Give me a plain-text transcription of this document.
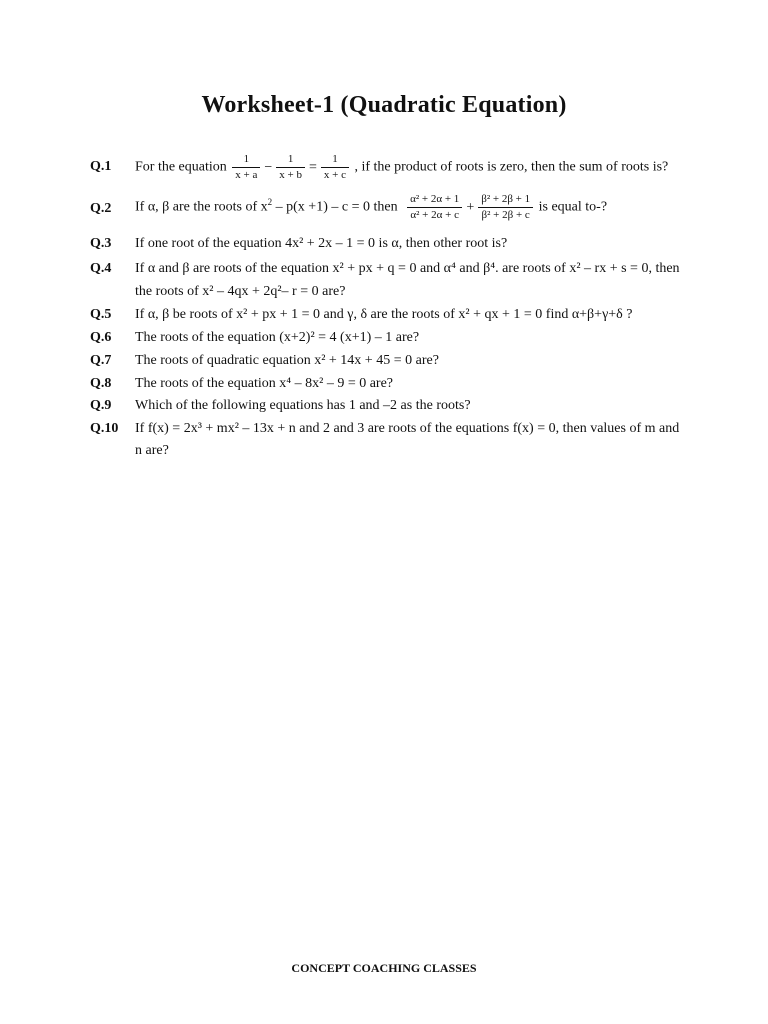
Worksheet-1 (Quadratic Equation)
Q.1 For the equation $\frac{1}{x + a} - \frac{1}{x + b} = \frac{1}{x + c}$ , if the product of roots is zero, then the sum of roots is?
Q.2 If α, β are the roots of $x^2 - p(x +1) - c = 0$ then $\frac{\text{α² + 2α + 1}}{\text{α² + 2α + c}} + \frac{\text{β² + 2β + 1}}{\text{β² + 2β + c}}$ is equal to-?
Q.3 If one root of the equation 4x² + 2x – 1 = 0 is α, then other root is?
Q.4 If α and β are roots of the equation x² + px + q = 0 and α⁴ and β⁴. are roots of x² – rx + s = 0, then
the roots of x² – 4qx + 2q²– r = 0 are?
Q.5 If α, β be roots of x² + px + 1 = 0 and γ, δ are the roots of x² + qx + 1 = 0 find α+β+γ+δ ?
Q.6 The roots of the equation (x+2)² = 4 (x+1) – 1 are?
Q.7 The roots of quadratic equation x² + 14x + 45 = 0 are?
Q.8 The roots of the equation x⁴ – 8x² – 9 = 0 are?
Q.9 Which of the following equations has 1 and –2 as the roots?
Q.10 If f(x) = 2x³ + mx² – 13x + n and 2 and 3 are roots of the equations f(x) = 0, then values of m and
n are?
CONCEPT COACHING CLASSES
